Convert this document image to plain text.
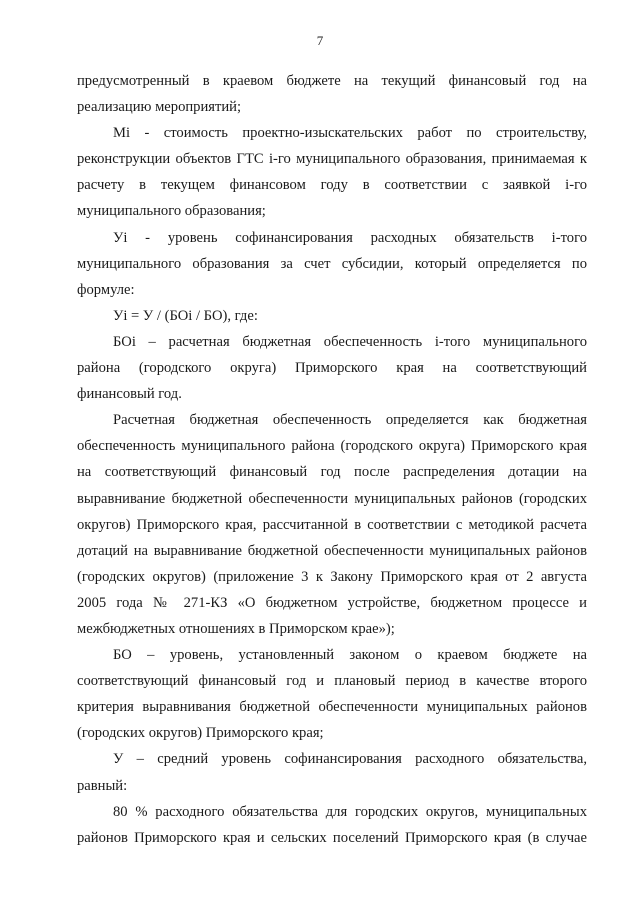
7
предусмотренный в краевом бюджете на текущий финансовый год на
реализацию мероприятий;
Mi - стоимость проектно-изыскательских работ по строительству,
реконструкции объектов ГТС i-го муниципального образования, принимаемая к
расчету в текущем финансовом году в соответствии с заявкой i-го
муниципального образования;
Уi - уровень софинансирования расходных обязательств i-того
муниципального образования за счет субсидии, который определяется по
формуле:
Уi = У / (БОi / БО), где:
БОi – расчетная бюджетная обеспеченность i-того муниципального
района (городского округа) Приморского края на соответствующий
финансовый год.
Расчетная бюджетная обеспеченность определяется как бюджетная
обеспеченность муниципального района (городского округа) Приморского края
на соответствующий финансовый год после распределения дотации на
выравнивание бюджетной обеспеченности муниципальных районов (городских
округов) Приморского края, рассчитанной в соответствии с методикой расчета
дотаций на выравнивание бюджетной обеспеченности муниципальных районов
(городских округов) (приложение 3 к Закону Приморского края от 2 августа
2005 года № 271-КЗ «О бюджетном устройстве, бюджетном процессе и
межбюджетных отношениях в Приморском крае»);
БО – уровень, установленный законом о краевом бюджете на
соответствующий финансовый год и плановый период в качестве второго
критерия выравнивания бюджетной обеспеченности муниципальных районов
(городских округов) Приморского края;
У – средний уровень софинансирования расходного обязательства,
равный:
80 % расходного обязательства для городских округов, муниципальных
районов Приморского края и сельских поселений Приморского края (в случае
